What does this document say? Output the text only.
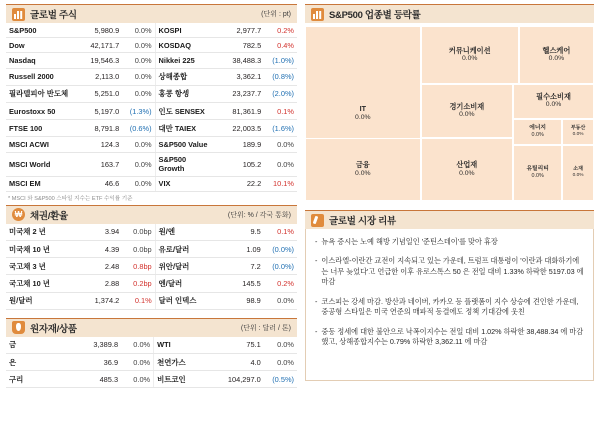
글로벌 주식	(단위 : pt)
S&P500	5,980.9	0.0%	KOSPI	2,977.7	0.2%
Dow	42,171.7	0.0%	KOSDAQ	782.5	0.4%
Nasdaq	19,546.3	0.0%	Nikkei 225	38,488.3	(1.0%)
Russell 2000	2,113.0	0.0%	상해종합	3,362.1	(0.8%)
필라델피아 반도체	5,251.0	0.0%	홍콩 항셍	23,237.7	(2.0%)
Eurostoxx 50	5,197.0	(1.3%)	인도 SENSEX	81,361.9	0.1%
FTSE 100	8,791.8	(0.6%)	대만 TAIEX	22,003.5	(1.6%)
MSCI ACWI	124.3	0.0%	S&P500 Value	189.9	0.0%
MSCI World	163.7	0.0%	S&P500 Growth	105.2	0.0%
MSCI EM	46.6	0.0%	VIX	22.2	10.1%
* MSCI 와 S&P500 스타일 지수는 ETF 수익률 기준
₩
채권/환율	(단위: % / 각국 통화)
미국채 2 년	3.94	0.0bp	원/엔	9.5	0.1%
미국채 10 년	4.39	0.0bp	유로/달러	1.09	(0.0%)
국고채 3 년	2.48	0.8bp	위안/달러	7.2	(0.0%)
국고채 10 년	2.88	0.2bp	엔/달러	145.5	0.2%
원/달러	1,374.2	0.1%	달러 인덱스	98.9	0.0%
원자재/상품	(단위 : 달러 / 톤)
금	3,389.8	0.0%	WTI	75.1	0.0%
은	36.9	0.0%	천연가스	4.0	0.0%
구리	485.3	0.0%	비트코인	104,297.0	(0.5%)
S&P500 업종별 등락률
IT
0.0%
커뮤니케이션
0.0%
헬스케어
0.0%
경기소비재
0.0%
필수소비재
0.0%
에너지
0.0%
부동산
0.0%
금융
0.0%
산업재
0.0%
유틸리티
0.0%
소재
0.0%
글로벌 시장 리뷰
- 뉴욕 증시는 노예 해방 기념일인 '준틴스데이'를 맞아 휴장
- 이스라엘-이란간 교전이 지속되고 있는 가운데, 트럼프 대통령이 '이란과 대화하기에는 너무 늦었다'고 언급한 이후 유로스톡스 50 은 전일 대비 1.33% 하락한 5197.03 에 마감
- 코스피는 강세 마감. 방산과 네이버, 카카오 등 플랫폼이 지수 상승에 견인한 가운데, 중공형 스타일은 미국 연준의 매파적 동결에도 정책 기대감에 웃친
- 중동 정세에 대한 불안으로 낙폭이지수는 전일 대비 1.02% 하락한 38,488.34 에 마감했고, 상해종합지수는 0.79% 하락한 3,362.11 에 마감
